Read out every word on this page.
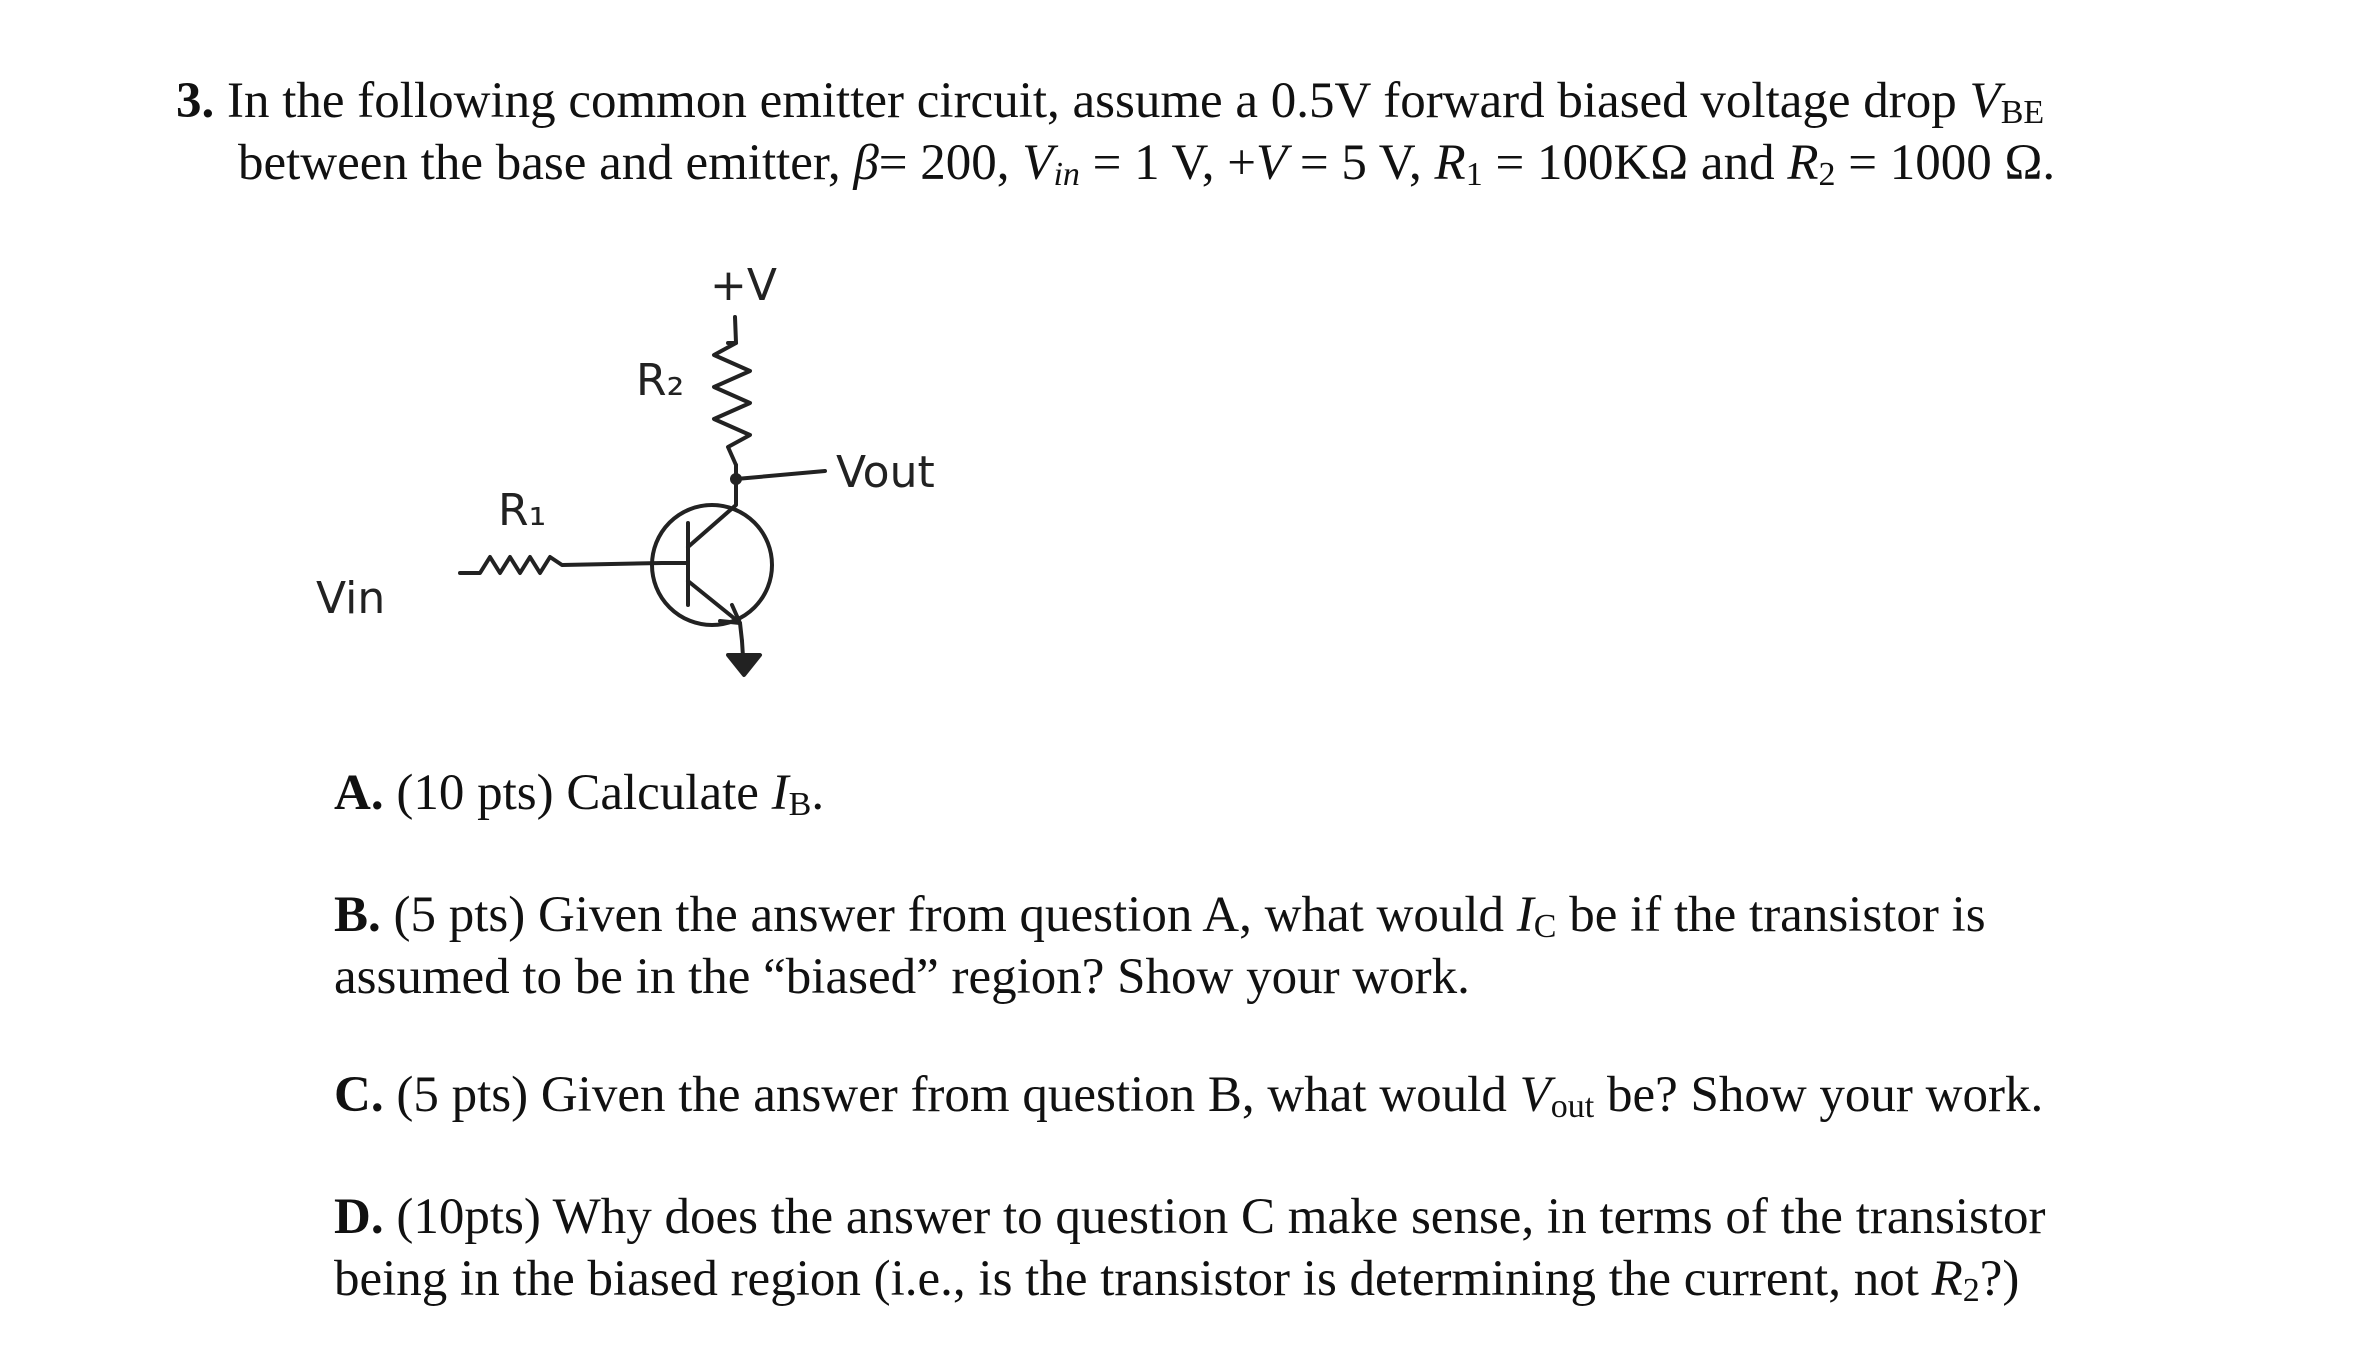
3. In the following common emitter circuit, assume a 0.5V forward biased voltage drop $V_{BE}$
between the base and emitter, β= 200, $V_{in} = 1$ V, +V = 5 V, $R_1 = 100K\Omega$ and $R_2 = 1000$ Ω.
+V
R₂
Vout
R₁
Vin
A. (10 pts) Calculate $I_B$.
B. (5 pts) Given the answer from question A, what would $I_C$ be if the transistor is
assumed to be in the “biased” region? Show your work.
C. (5 pts) Given the answer from question B, what would $V_{out}$ be? Show your work.
D. (10pts) Why does the answer to question C make sense, in terms of the transistor
being in the biased region (i.e., is the transistor is determining the current, not $R_2$?)
